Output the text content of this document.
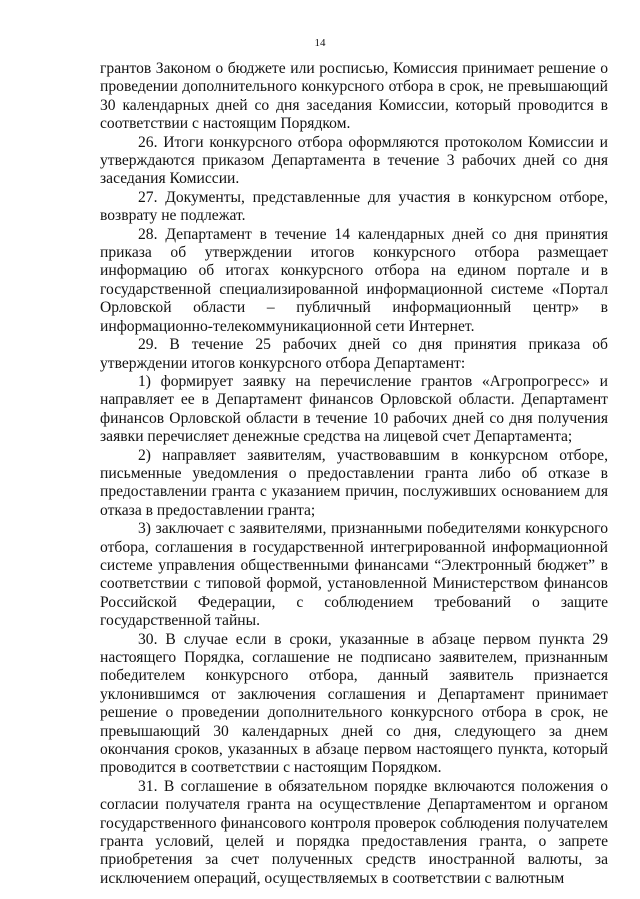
14

грантов Законом о бюджете или росписью, Комиссия принимает решение о проведении дополнительного конкурсного отбора в срок, не превышающий 30 календарных дней со дня заседания Комиссии, который проводится в соответствии с настоящим Порядком.

26. Итоги конкурсного отбора оформляются протоколом Комиссии и утверждаются приказом Департамента в течение 3 рабочих дней со дня заседания Комиссии.

27. Документы, представленные для участия в конкурсном отборе, возврату не подлежат.

28. Департамент в течение 14 календарных дней со дня принятия приказа об утверждении итогов конкурсного отбора размещает информацию об итогах конкурсного отбора на едином портале и в государственной специализированной информационной системе «Портал Орловской области – публичный информационный центр» в информационно-телекоммуникационной сети Интернет.

29. В течение 25 рабочих дней со дня принятия приказа об утверждении итогов конкурсного отбора Департамент:

1) формирует заявку на перечисление грантов «Агропрогресс» и направляет ее в Департамент финансов Орловской области. Департамент финансов Орловской области в течение 10 рабочих дней со дня получения заявки перечисляет денежные средства на лицевой счет Департамента;

2) направляет заявителям, участвовавшим в конкурсном отборе, письменные уведомления о предоставлении гранта либо об отказе в предоставлении гранта с указанием причин, послуживших основанием для отказа в предоставлении гранта;

3) заключает с заявителями, признанными победителями конкурсного отбора, соглашения в государственной интегрированной информационной системе управления общественными финансами “Электронный бюджет” в соответствии с типовой формой, установленной Министерством финансов Российской Федерации, с соблюдением требований о защите государственной тайны.

30. В случае если в сроки, указанные в абзаце первом пункта 29 настоящего Порядка, соглашение не подписано заявителем, признанным победителем конкурсного отбора, данный заявитель признается уклонившимся от заключения соглашения и Департамент принимает решение о проведении дополнительного конкурсного отбора в срок, не превышающий 30 календарных дней со дня, следующего за днем окончания сроков, указанных в абзаце первом настоящего пункта, который проводится в соответствии с настоящим Порядком.

31. В соглашение в обязательном порядке включаются положения о согласии получателя гранта на осуществление Департаментом и органом государственного финансового контроля проверок соблюдения получателем гранта условий, целей и порядка предоставления гранта, о запрете приобретения за счет полученных средств иностранной валюты, за исключением операций, осуществляемых в соответствии с валютным
